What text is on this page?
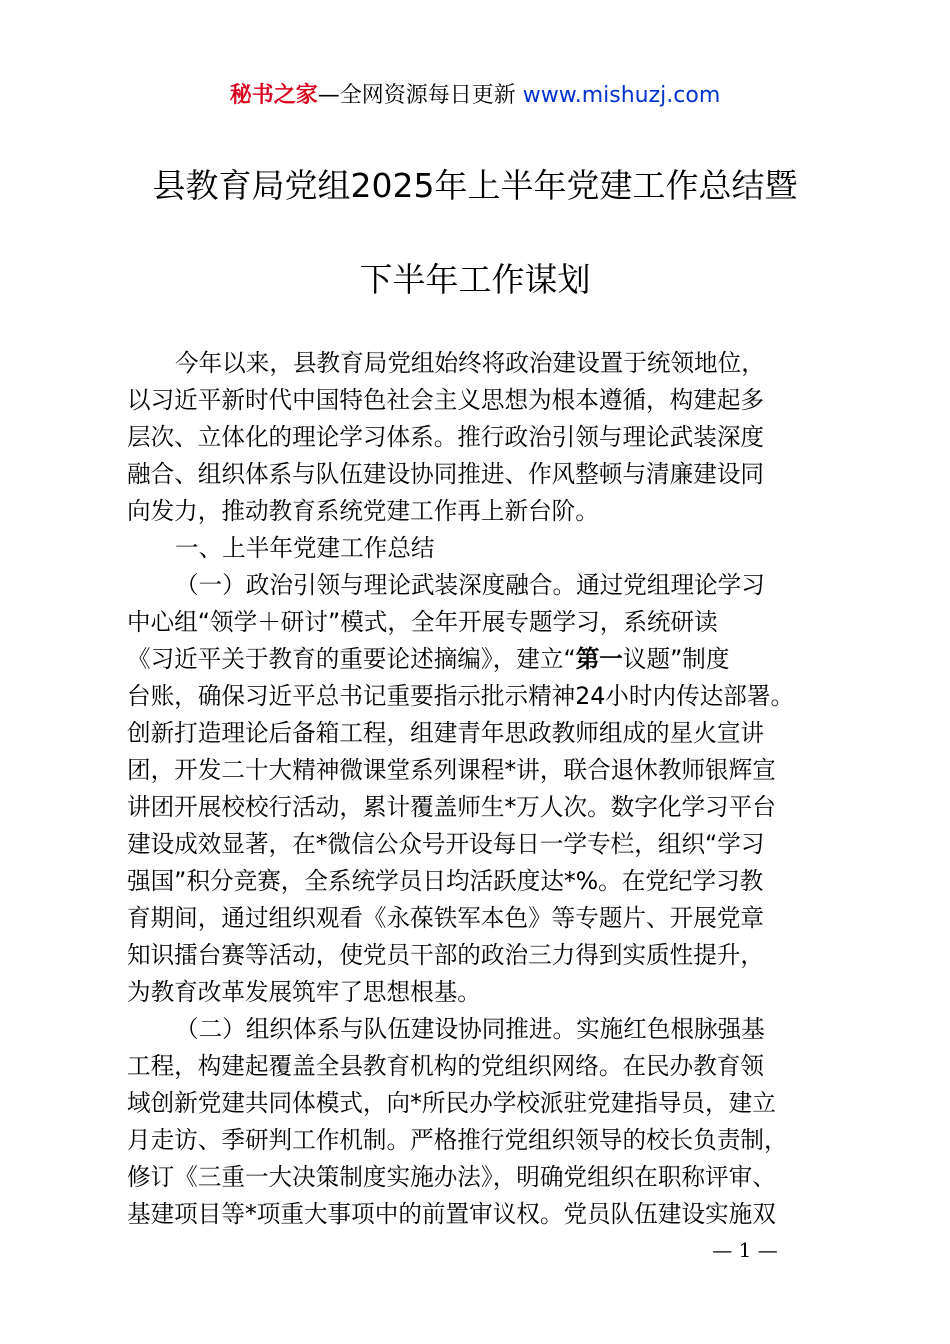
秘书之家—全网资源每日更新 www.mishuzj.com
县教育局党组2025年上半年党建工作总结暨
下半年工作谋划
今年以来，县教育局党组始终将政治建设置于统领地位，
以习近平新时代中国特色社会主义思想为根本遵循，构建起多
层次、立体化的理论学习体系。推行政治引领与理论武装深度
融合、组织体系与队伍建设协同推进、作风整顿与清廉建设同
向发力，推动教育系统党建工作再上新台阶。
一、上半年党建工作总结
（一）政治引领与理论武装深度融合。通过党组理论学习
中心组“领学＋研讨”模式，全年开展专题学习，系统研读
《习近平关于教育的重要论述摘编》，建立“第一议题”制度
台账，确保习近平总书记重要指示批示精神24小时内传达部署。
创新打造理论后备箱工程，组建青年思政教师组成的星火宣讲
团，开发二十大精神微课堂系列课程*讲，联合退休教师银辉宣
讲团开展校校行活动，累计覆盖师生*万人次。数字化学习平台
建设成效显著，在*微信公众号开设每日一学专栏，组织“学习
强国”积分竞赛，全系统学员日均活跃度达*%。在党纪学习教
育期间，通过组织观看《永葆铁军本色》等专题片、开展党章
知识擂台赛等活动，使党员干部的政治三力得到实质性提升，
为教育改革发展筑牢了思想根基。
（二）组织体系与队伍建设协同推进。实施红色根脉强基
工程，构建起覆盖全县教育机构的党组织网络。在民办教育领
域创新党建共同体模式，向*所民办学校派驻党建指导员，建立
月走访、季研判工作机制。严格推行党组织领导的校长负责制，
修订《三重一大决策制度实施办法》，明确党组织在职称评审、
基建项目等*项重大事项中的前置审议权。党员队伍建设实施双
— 1 —
